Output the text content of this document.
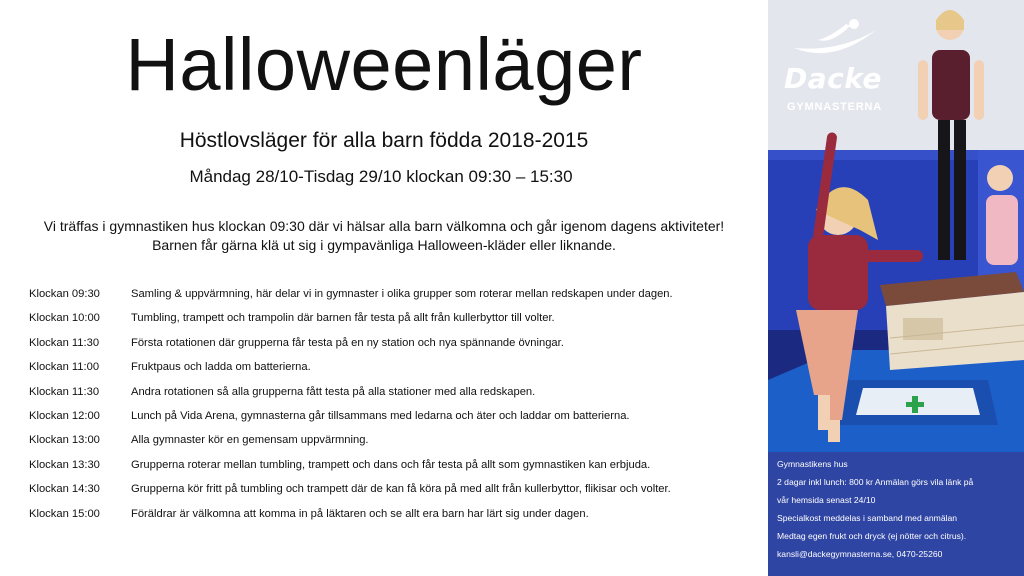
Halloweenläger
Höstlovsläger för alla barn födda 2018-2015
Måndag 28/10-Tisdag 29/10 klockan 09:30 – 15:30
Vi träffas i gymnastiken hus klockan 09:30 där vi hälsar alla barn välkomna och går igenom dagens aktiviteter!
Barnen får gärna klä ut sig i gympavänliga Halloween-kläder eller liknande.
Klockan 09:30	Samling & uppvärmning, här delar vi in gymnaster i olika grupper som roterar mellan redskapen under dagen.
Klockan 10:00	Tumbling, trampett och trampolin där barnen får testa på allt från kullerbyttor till volter.
Klockan 11:30	Första rotationen där grupperna får testa på en ny station och nya spännande övningar.
Klockan 11:00	Fruktpaus och ladda om batterierna.
Klockan 11:30	Andra rotationen så alla grupperna fått testa på alla stationer med alla redskapen.
Klockan 12:00	Lunch på Vida Arena, gymnasterna går tillsammans med ledarna och äter och laddar om batterierna.
Klockan 13:00	Alla gymnaster kör en gemensam uppvärmning.
Klockan 13:30	Grupperna roterar mellan tumbling, trampett och dans och får testa på allt som gymnastiken kan erbjuda.
Klockan 14:30	Grupperna kör fritt på tumbling och trampett där de kan få köra på med allt från kullerbyttor, flikisar och volter.
Klockan 15:00	Föräldrar är välkomna att komma in på läktaren och se allt era barn har lärt sig under dagen.
Dacke
GYMNASTERNA
Gymnastikens hus
2 dagar inkl lunch: 800 kr Anmälan görs vila länk på
vår hemsida senast 24/10
Specialkost meddelas i samband med anmälan
Medtag egen frukt och dryck (ej nötter och citrus).
kansli@dackegymnasterna.se, 0470-25260
